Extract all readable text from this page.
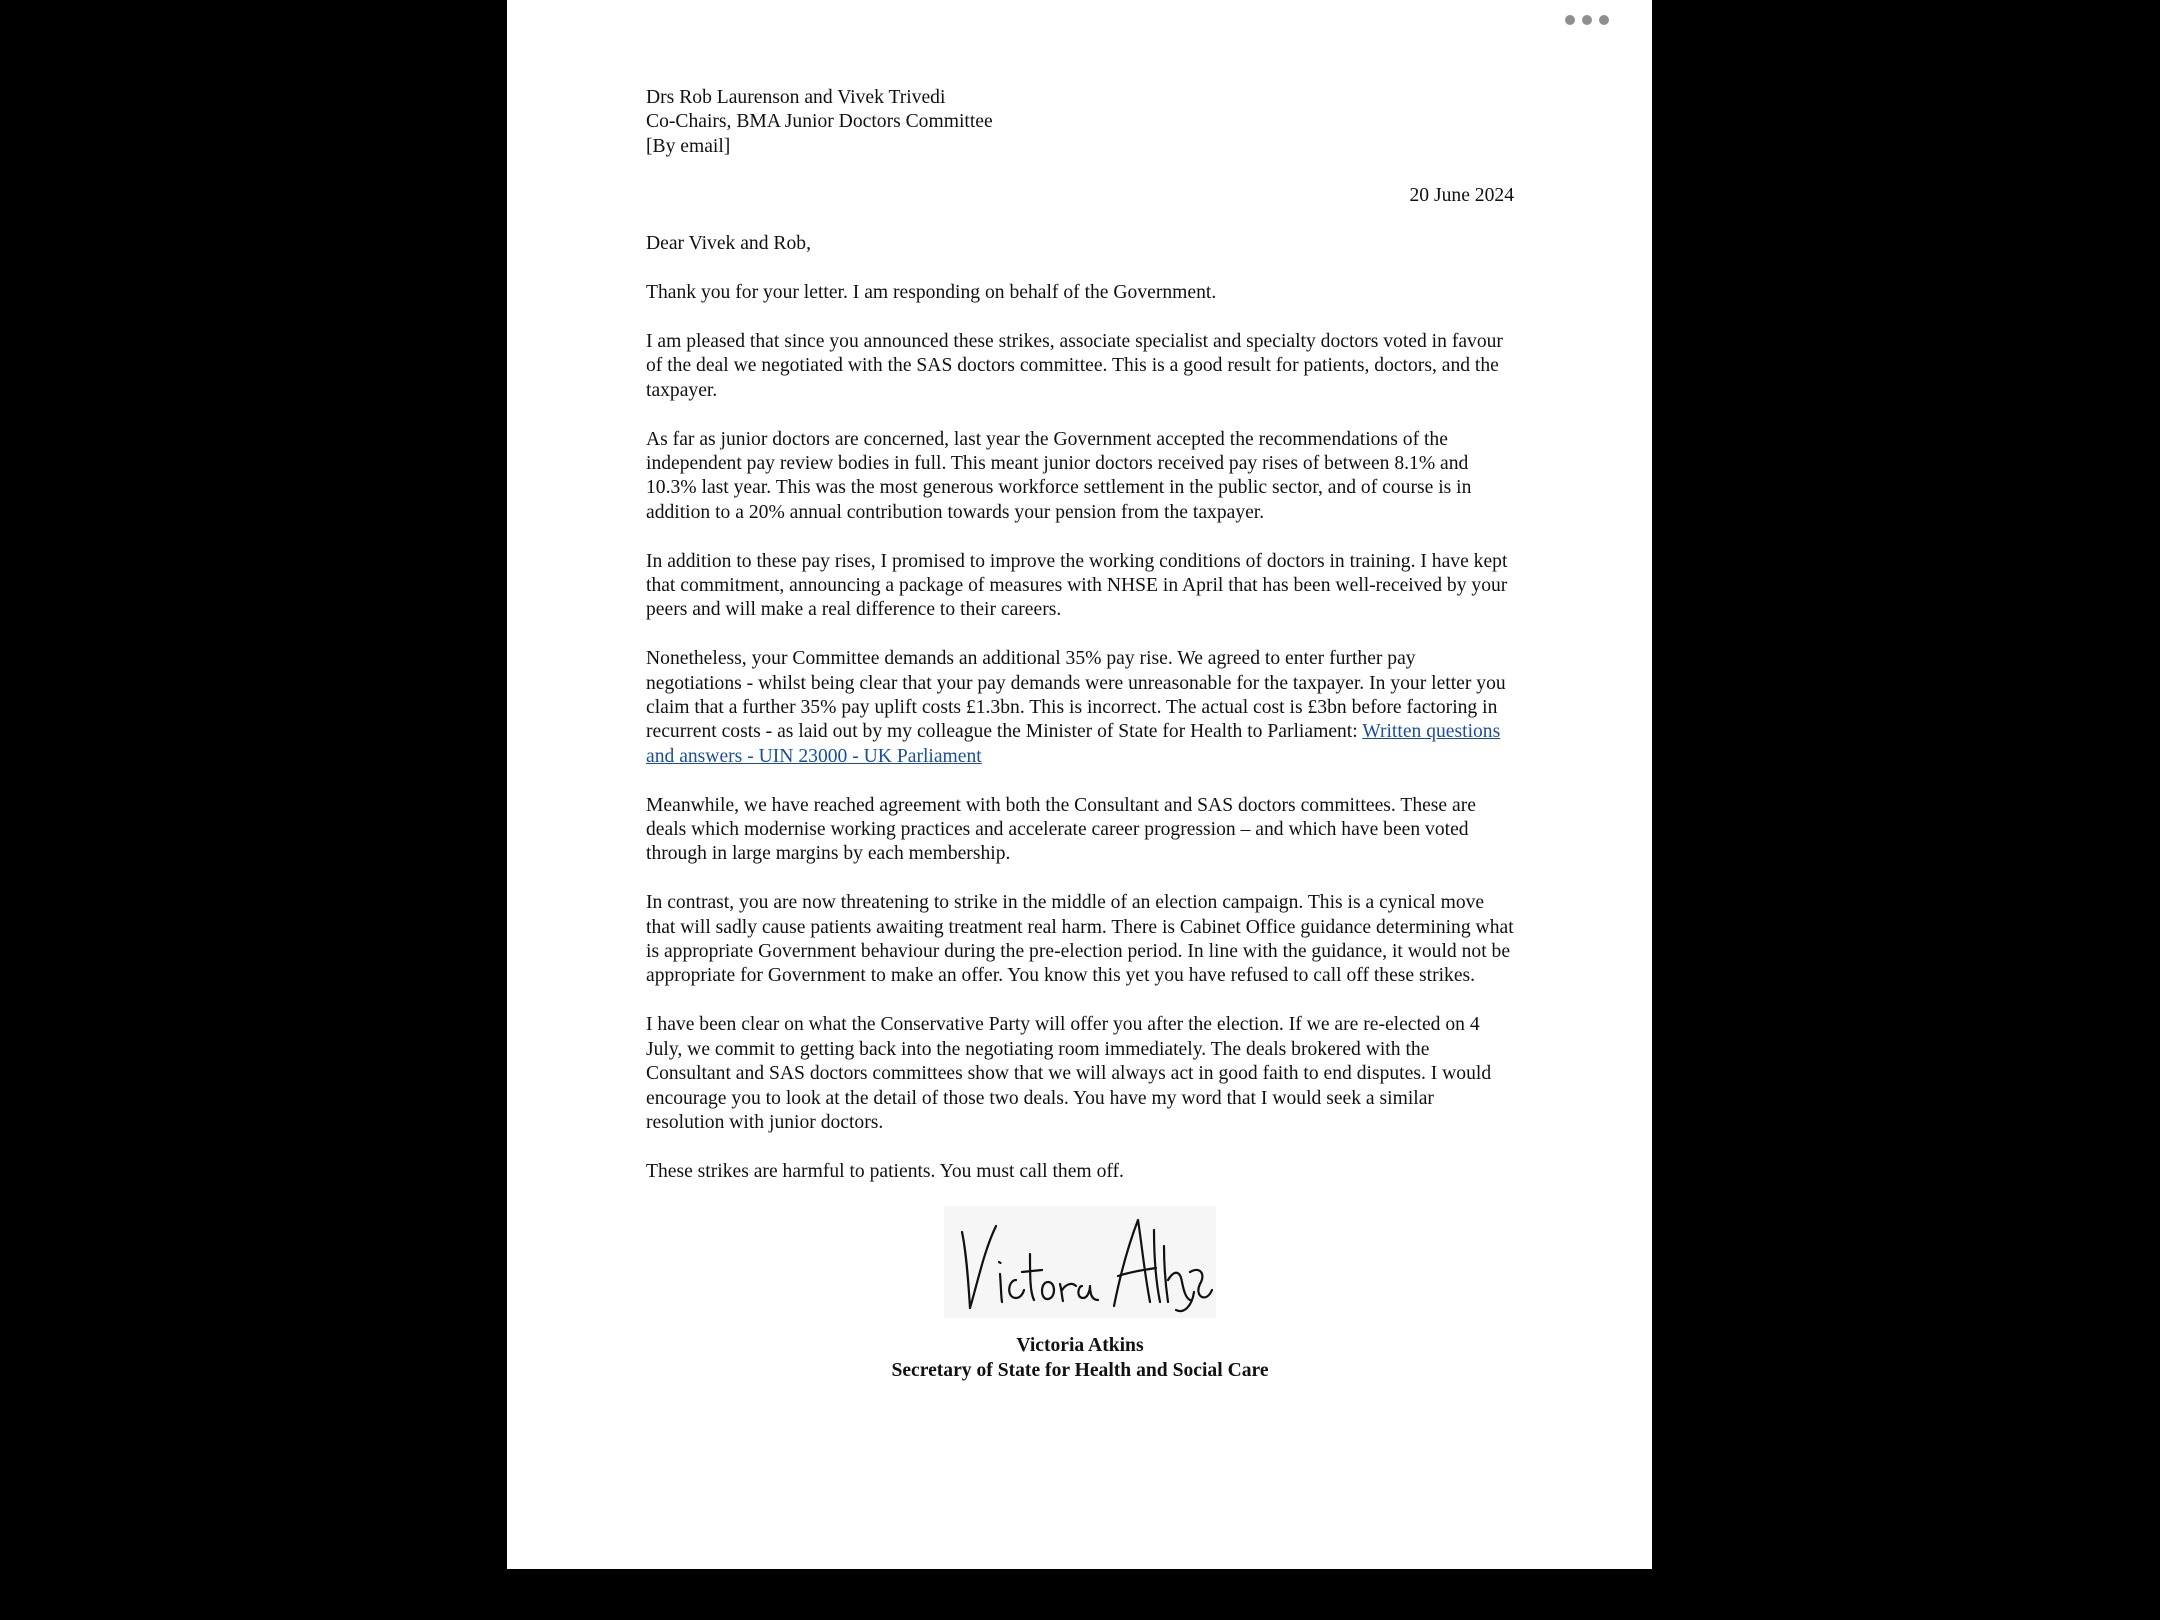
Drs Rob Laurenson and Vivek Trivedi
Co-Chairs, BMA Junior Doctors Committee
[By email]
20 June 2024

Dear Vivek and Rob,

Thank you for your letter. I am responding on behalf of the Government.

I am pleased that since you announced these strikes, associate specialist and specialty doctors voted in favour of the deal we negotiated with the SAS doctors committee. This is a good result for patients, doctors, and the taxpayer.

As far as junior doctors are concerned, last year the Government accepted the recommendations of the independent pay review bodies in full. This meant junior doctors received pay rises of between 8.1% and 10.3% last year. This was the most generous workforce settlement in the public sector, and of course is in addition to a 20% annual contribution towards your pension from the taxpayer.

In addition to these pay rises, I promised to improve the working conditions of doctors in training. I have kept that commitment, announcing a package of measures with NHSE in April that has been well-received by your peers and will make a real difference to their careers.

Nonetheless, your Committee demands an additional 35% pay rise. We agreed to enter further pay negotiations - whilst being clear that your pay demands were unreasonable for the taxpayer. In your letter you claim that a further 35% pay uplift costs £1.3bn. This is incorrect. The actual cost is £3bn before factoring in recurrent costs - as laid out by my colleague the Minister of State for Health to Parliament: Written questions and answers - UIN 23000 - UK Parliament

Meanwhile, we have reached agreement with both the Consultant and SAS doctors committees. These are deals which modernise working practices and accelerate career progression – and which have been voted through in large margins by each membership.

In contrast, you are now threatening to strike in the middle of an election campaign. This is a cynical move that will sadly cause patients awaiting treatment real harm. There is Cabinet Office guidance determining what is appropriate Government behaviour during the pre-election period. In line with the guidance, it would not be appropriate for Government to make an offer. You know this yet you have refused to call off these strikes.

I have been clear on what the Conservative Party will offer you after the election. If we are re-elected on 4 July, we commit to getting back into the negotiating room immediately. The deals brokered with the Consultant and SAS doctors committees show that we will always act in good faith to end disputes. I would encourage you to look at the detail of those two deals. You have my word that I would seek a similar resolution with junior doctors.

These strikes are harmful to patients. You must call them off.

Victoria Atkins
Secretary of State for Health and Social Care
